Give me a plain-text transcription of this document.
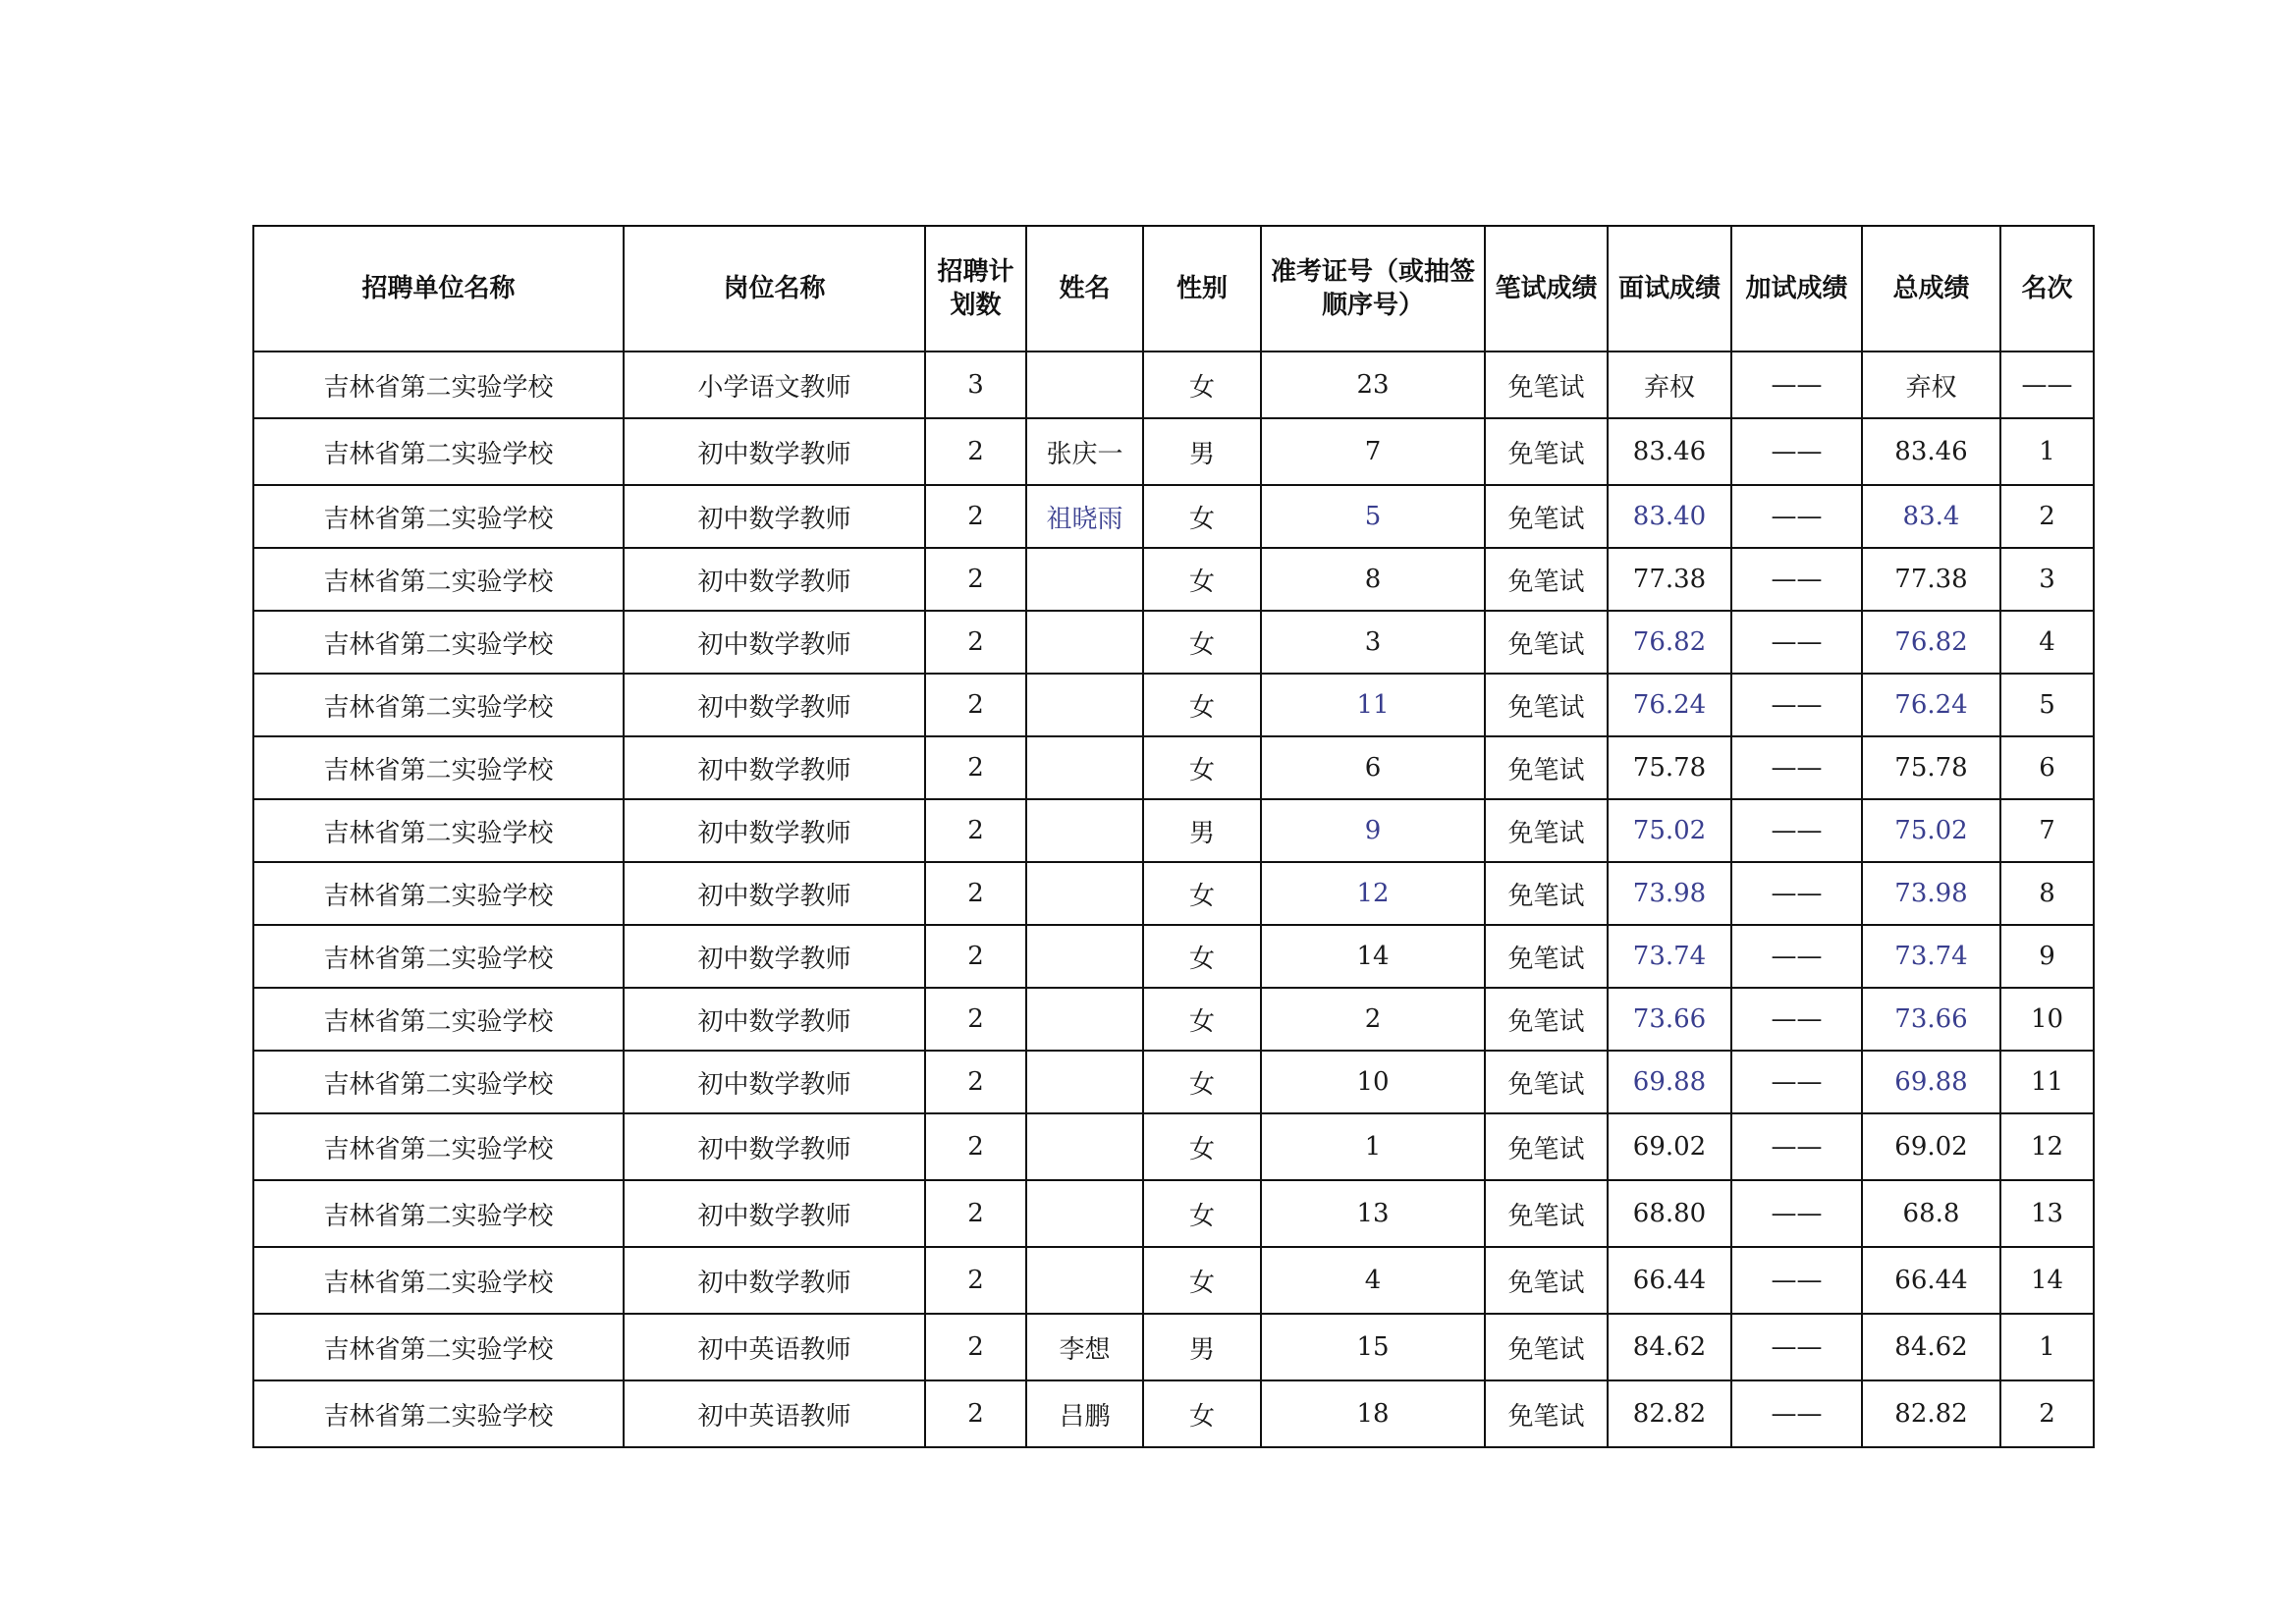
招聘单位名称	岗位名称	招聘计划数	姓名	性别	准考证号（或抽签顺序号）	笔试成绩	面试成绩	加试成绩	总成绩	名次
吉林省第二实验学校	小学语文教师	3		女	23	免笔试	弃权	——	弃权	——
吉林省第二实验学校	初中数学教师	2	张庆一	男	7	免笔试	83.46	——	83.46	1
吉林省第二实验学校	初中数学教师	2	祖晓雨	女	5	免笔试	83.40	——	83.4	2
吉林省第二实验学校	初中数学教师	2		女	8	免笔试	77.38	——	77.38	3
吉林省第二实验学校	初中数学教师	2		女	3	免笔试	76.82	——	76.82	4
吉林省第二实验学校	初中数学教师	2		女	11	免笔试	76.24	——	76.24	5
吉林省第二实验学校	初中数学教师	2		女	6	免笔试	75.78	——	75.78	6
吉林省第二实验学校	初中数学教师	2		男	9	免笔试	75.02	——	75.02	7
吉林省第二实验学校	初中数学教师	2		女	12	免笔试	73.98	——	73.98	8
吉林省第二实验学校	初中数学教师	2		女	14	免笔试	73.74	——	73.74	9
吉林省第二实验学校	初中数学教师	2		女	2	免笔试	73.66	——	73.66	10
吉林省第二实验学校	初中数学教师	2		女	10	免笔试	69.88	——	69.88	11
吉林省第二实验学校	初中数学教师	2		女	1	免笔试	69.02	——	69.02	12
吉林省第二实验学校	初中数学教师	2		女	13	免笔试	68.80	——	68.8	13
吉林省第二实验学校	初中数学教师	2		女	4	免笔试	66.44	——	66.44	14
吉林省第二实验学校	初中英语教师	2	李想	男	15	免笔试	84.62	——	84.62	1
吉林省第二实验学校	初中英语教师	2	吕鹏	女	18	免笔试	82.82	——	82.82	2
